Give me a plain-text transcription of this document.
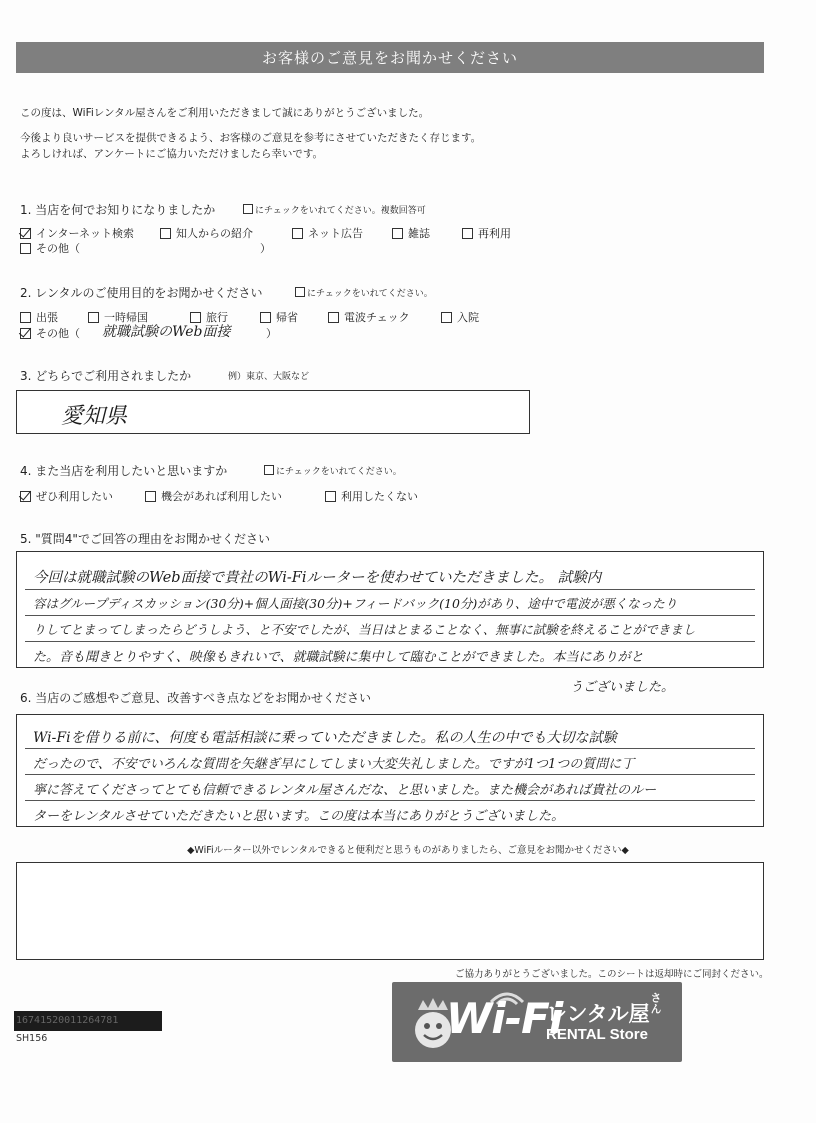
お客様のご意見をお聞かせください
この度は、WiFiレンタル屋さんをご利用いただきまして誠にありがとうございました。
今後より良いサービスを提供できるよう、お客様のご意見を参考にさせていただきたく存じます。
よろしければ、アンケートにご協力いただけましたら幸いです。
1. 当店を何でお知りになりましたか	にチェックをいれてください。複数回答可
インターネット検索	知人からの紹介	ネット広告	雑誌	再利用
その他（	）
2. レンタルのご使用目的をお聞かせください	にチェックをいれてください。
出張	一時帰国	旅行	帰省	電波チェック	入院
その他（ 就職試験のWeb面接	）
3. どちらでご利用されましたか	例）東京、大阪など
愛知県
4. また当店を利用したいと思いますか	にチェックをいれてください。
ぜひ利用したい	機会があれば利用したい	利用したくない
5. "質問4"でご回答の理由をお聞かせください
今回は就職試験のWeb面接で貴社のWi-Fiルーターを使わせていただきました。 試験内
容はグループディスカッション(30分)+個人面接(30分)+フィードバック(10分)があり、途中で電波が悪くなったり
りしてとまってしまったらどうしよう、と不安でしたが、当日はとまることなく、無事に試験を終えることができまし
た。音も聞きとりやすく、映像もきれいで、就職試験に集中して臨むことができました。本当にありがと
うございました。
6. 当店のご感想やご意見、改善すべき点などをお聞かせください
Wi-Fiを借りる前に、何度も電話相談に乗っていただきました。私の人生の中でも大切な試験
だったので、不安でいろんな質問を矢継ぎ早にしてしまい大変失礼しました。ですが1つ1つの質問に丁
寧に答えてくださってとても信頼できるレンタル屋さんだな、と思いました。また機会があれば貴社のルー
ターをレンタルさせていただきたいと思います。この度は本当にありがとうございました。
◆WiFiルーター以外でレンタルできると便利だと思うものがありましたら、ご意見をお聞かせください◆
ご協力ありがとうございました。このシートは返却時にご同封ください。
16741520011264781
SH156	Wi-Fi
レンタル屋 さん
RENTAL Store
